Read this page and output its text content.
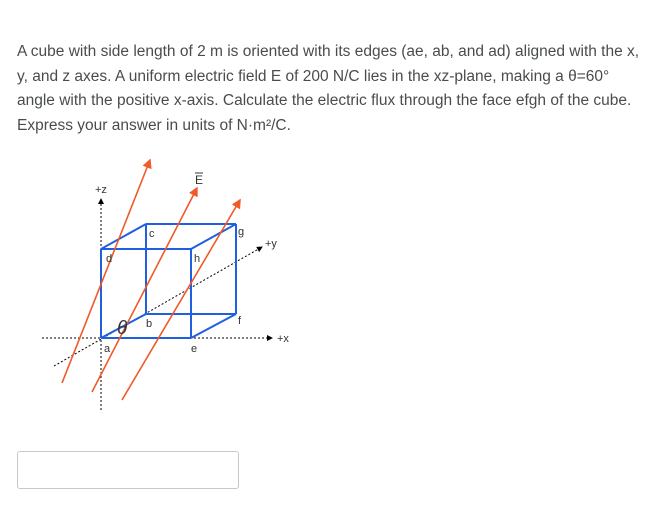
A cube with side length of 2 m is oriented with its edges (ae, ab, and ad) aligned with the x, y, and z axes. A uniform electric field E of 200 N/C lies in the xz-plane, making a θ=60° angle with the positive x-axis. Calculate the electric flux through the face efgh of the cube. Express your answer in units of N·m²/C.

E
θ
+z
+y
+x
a
b
c
d
e
f
g
h
